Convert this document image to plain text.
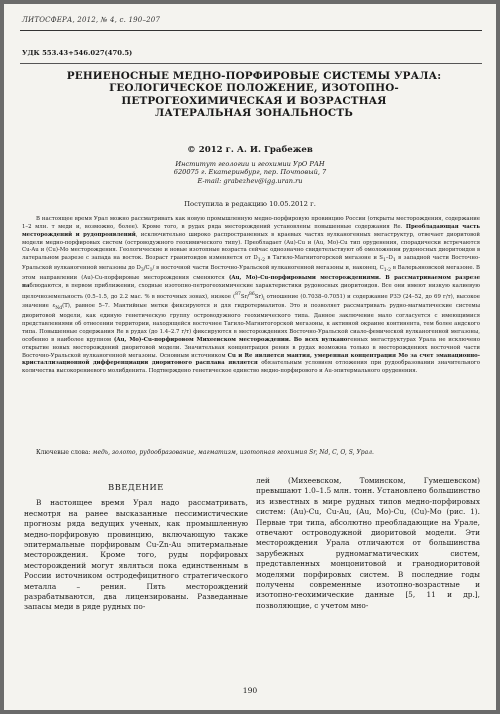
ЛИТОСФЕРА, 2012, № 4, с. 190–207
УДК 553.43+546.027(470.5)
РЕНИЕНОСНЫЕ МЕДНО-ПОРФИРОВЫЕ СИСТЕМЫ УРАЛА:
ГЕОЛОГИЧЕСКОЕ ПОЛОЖЕНИЕ, ИЗОТОПНО-
ПЕТРОГЕОХИМИЧЕСКАЯ И ВОЗРАСТНАЯ
ЛАТЕРАЛЬНАЯ ЗОНАЛЬНОСТЬ
© 2012 г. А. И. Грабежев
Институт геологии и геохимии УрО РАН
620075 г. Екатеринбург, пер. Почтовый, 7
E-mail: grabezhev@igg.uran.ru
Поступила в редакцию 10.05.2012 г.

В настоящее время Урал можно рассматривать как новую промышленную медно-порфировую провинцию России (открыты месторождения, содержание 1–2 млн. т меди и, возможно, более). Кроме того, в рудах ряда месторождений установлены повышенные содержания Re. Преобладающая часть месторождений и рудопроявлений, исключительно широко распространенных в краевых частях вулканогенных мегаструктур, отвечает диоритовой модели медно-порфировых систем (островодужного геохимического типу). Преобладает (Au)-Cu и (Au, Mo)-Cu тип оруденения, спорадически встречаются Cu-Au и (Cu)-Mo месторождения. Геологические и новые изотопные возраста сейчас однозначно свидетельствуют об омоложении рудоносных диоритоидов в латеральном разрезе с запада на восток. Возраст гранитоидов изменяется от $D_{1-2}$ в Тагило-Магнитогорской мегазоне и $S_1-D_1$ в западной части Восточно-Уральской вулканогенной мегазоны до $D_3/C_1/$ в восточной части Восточно-Уральской вулканогенной мегазоны и, наконец, $C_{1-2}$ в Валерьяновской мегазоне. В этом направлении (Au)-Cu-порфировые месторождения сменяются (Au, Mo)-Cu-порфировыми месторождениями. В рассматриваемом разрезе наблюдаются, в первом приближении, сходные изотопно-петрогеохимические характеристики рудоносных диоритоидов. Все они имеют низкую калиевую щелочноземельность (0.5–1.5, до 2.2 мас. % в восточных зонах), низкое $(^{87}Sr/^{86}Sr)_i$ отношение (0.7038–0.7051) и содержание РЗЭ (24–52, до 69 г/т), высокое значение $\varepsilon_{Nd}(T)$, равное 5–7. Мантийные метки фиксируются и для гидротермалитов. Это и позволяет рассматривать рудно-магматические системы диоритовой модели, как единую генетическую группу островодужного геохимического типа. Данное заключение мало согласуется с имеющимися представлениями об отнесении территории, находящейся восточнее Тагило-Магнитогорской мегазоны, к активной окраине континента, тем более андского типа. Повышенные содержания Re в рудах (до 1.4–2.7 г/т) фиксируются в месторождениях Восточно-Уральской сиало-фемической вулканогенной мегазоны, особенно в наиболее крупном (Au, Mo)-Cu-порфировом Михеевском месторождении. Во всех вулканогенных мегаструктурах Урала не исключено открытие новых месторождений диоритовой модели. Значительная концентрация рения в рудах возможна только в месторождениях восточной части Восточно-Уральской вулканогенной мегазоны. Основным источником Cu и Re является мантия, умеренная концентрация Mo за счет эманационно-кристаллизационной дифференциации диоритового расплава является обязательным условием отложения при рудообразовании значительного количества высокорениевого молибденита. Подтверждено генетическое единство медно-порфирового и Au-эпитермального оруденения.

Ключевые слова: медь, золото, рудообразование, магматизм, изотопная геохимия Sr, Nd, C, O, S, Урал.
ВВЕДЕНИЕ

В настоящее время Урал надо рассматривать, несмотря на ранее высказанные пессимистические прогнозы ряда ведущих ученых, как промышленную медно-порфировую провинцию, включающую также эпитермальные порфировым Cu-Zn-Au эпитермальные месторождения. Кроме того, руды порфировых месторождений могут являться пока единственным в России источником остродефицитного стратегического металла – рения. Пять месторождений разрабатываются, два лицензированы. Разведанные запасы меди в ряде рудных по-

лей (Михеевском, Томинском, Гумешевском) превышают 1.0–1.5 млн. тонн. Установлено большинство из известных в мире рудных типов медно-порфировых систем: (Au)-Cu, Cu-Au, (Au, Mo)-Cu, (Cu)-Mo (рис. 1). Первые три типа, абсолютно преобладающие на Урале, отвечают островодужной диоритовой модели. Эти месторождения Урала отличаются от большинства зарубежных рудномагматических систем, представленных монцонитовой и гранодиоритовой моделями порфировых систем. В последние годы получены современные изотопно-возрастные и изотопно-геохимические данные [5, 11 и др.], позволяющие, с учетом мно-

190
